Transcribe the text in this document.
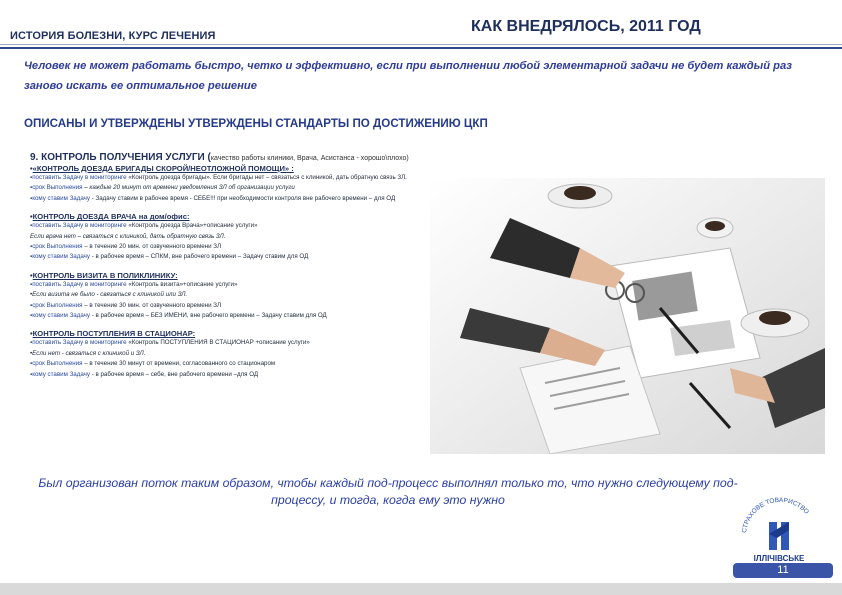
ИСТОРИЯ БОЛЕЗНИ, КУРС ЛЕЧЕНИЯ
КАК ВНЕДРЯЛОСЬ, 2011 ГОД
Человек не может работать быстро, четко и эффективно, если при выполнении любой элементарной задачи не будет каждый раз заново искать ее оптимальное решение
ОПИСАНЫ И УТВЕРЖДЕНЫ УТВЕРЖДЕНЫ СТАНДАРТЫ ПО ДОСТИЖЕНИЮ ЦКП
9. КОНТРОЛЬ ПОЛУЧЕНИЯ УСЛУГИ (качество работы клиники, Врача, Асистанса - хорошо\плохо)
•«КОНТРОЛЬ ДОЕЗДА БРИГАДЫ СКОРОЙ/НЕОТЛОЖНОЙ ПОМОЩИ» :
▪поставить Задачу в мониторинге «Контроль доезда бригады». Если бригады нет – связаться с клиникой, дать обратную связь ЗЛ.
▪срок Выполнения – каждые 20 минут от времени уведомления ЗЛ об организации услуги
▪кому ставим Задачу - Задачу ставим в рабочее время - СЕБЕ!!! при необходимости контроля вне рабочего времени – для ОД
•КОНТРОЛЬ ДОЕЗДА ВРАЧА на дом/офис:
▪поставить Задачу в мониторинге «Контроль доезда Врача»+описание услуги»
Если врача нет – связаться с клиникой, дать обратную связь ЗЛ.
▪срок Выполнения – в течение 20 мин. от озвученного времени ЗЛ
▪кому ставим Задачу - в рабочее время – СПКМ, вне рабочего времени – Задачу ставим для ОД
•КОНТРОЛЬ ВИЗИТА В ПОЛИКЛИНИКУ:
▪поставить Задачу в мониторинге «Контроль визита»+описание услуги»
•Если визита не было - связаться с клиникой или ЗЛ.
▪срок Выполнения – в течение 30 мин. от озвученного времени ЗЛ
▪кому ставим Задачу - в рабочее время – БЕЗ ИМЕНИ, вне рабочего времени – Задачу ставим для ОД
•КОНТРОЛЬ ПОСТУПЛЕНИЯ В СТАЦИОНАР:
▪поставить Задачу в мониторинге «Контроль ПОСТУПЛЕНИЯ В СТАЦИОНАР +описание услуги»
•Если нет - связаться с клиникой и ЗЛ.
▪срок Выполнения – в течение 30 минут от времени, согласованного со стационаром
▪кому ставим Задачу - в рабочее время – себе, вне рабочего времени –для ОД
Был организован поток таким образом, чтобы каждый под-процесс выполнял только то, что нужно следующему под-процессу, и тогда, когда ему это нужно
СТРАХОВЕ ТОВАРИСТВО
ІЛЛІЧІВСЬКЕ
11
